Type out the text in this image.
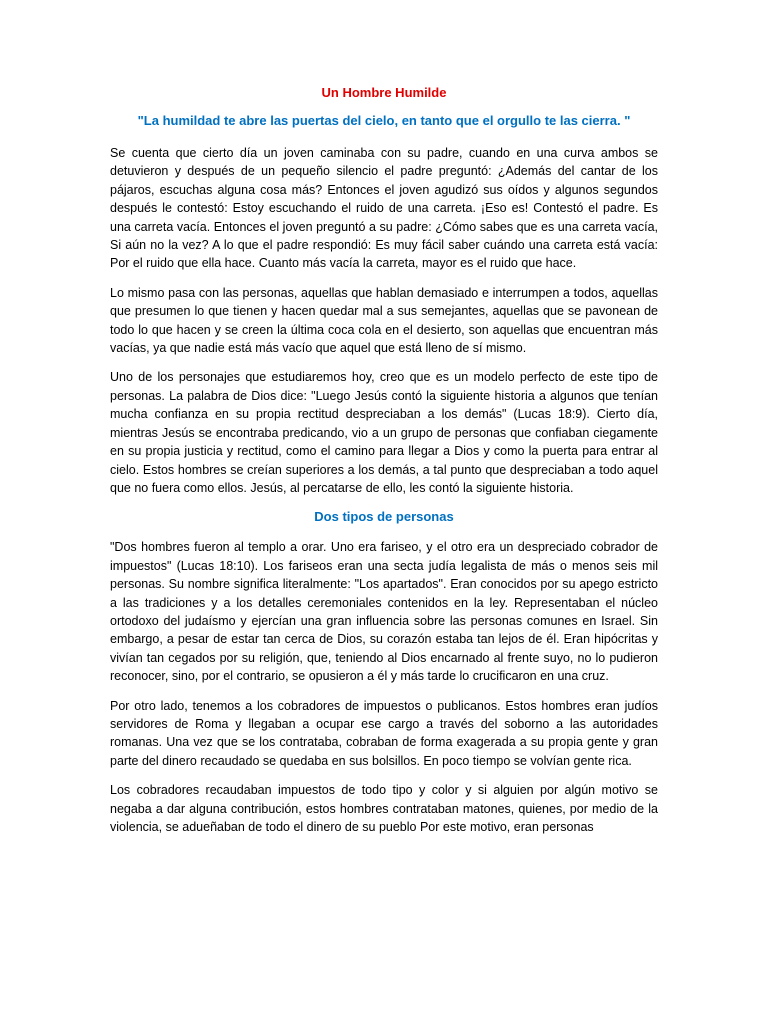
Un Hombre Humilde
"La humildad te abre las puertas del cielo, en tanto que el orgullo te las cierra. "

Se cuenta que cierto día un joven caminaba con su padre, cuando en una curva ambos se detuvieron y después de un pequeño silencio el padre preguntó: ¿Además del cantar de los pájaros, escuchas alguna cosa más? Entonces el joven agudizó sus oídos y algunos segundos después le contestó: Estoy escuchando el ruido de una carreta. ¡Eso es! Contestó el padre. Es una carreta vacía. Entonces el joven preguntó a su padre: ¿Cómo sabes que es una carreta vacía, Si aún no la vez? A lo que el padre respondió: Es muy fácil saber cuándo una carreta está vacía: Por el ruido que ella hace. Cuanto más vacía la carreta, mayor es el ruido que hace.

Lo mismo pasa con las personas, aquellas que hablan demasiado e interrumpen a todos, aquellas que presumen lo que tienen y hacen quedar mal a sus semejantes, aquellas que se pavonean de todo lo que hacen y se creen la última coca cola en el desierto, son aquellas que encuentran más vacías, ya que nadie está más vacío que aquel que está lleno de sí mismo.

Uno de los personajes que estudiaremos hoy, creo que es un modelo perfecto de este tipo de personas. La palabra de Dios dice: "Luego Jesús contó la siguiente historia a algunos que tenían mucha confianza en su propia rectitud despreciaban a los demás" (Lucas 18:9). Cierto día, mientras Jesús se encontraba predicando, vio a un grupo de personas que confiaban ciegamente en su propia justicia y rectitud, como el camino para llegar a Dios y como la puerta para entrar al cielo. Estos hombres se creían superiores a los demás, a tal punto que despreciaban a todo aquel que no fuera como ellos. Jesús, al percatarse de ello, les contó la siguiente historia.

Dos tipos de personas

"Dos hombres fueron al templo a orar. Uno era fariseo, y el otro era un despreciado cobrador de impuestos" (Lucas 18:10). Los fariseos eran una secta judía legalista de más o menos seis mil personas. Su nombre significa literalmente: "Los apartados". Eran conocidos por su apego estricto a las tradiciones y a los detalles ceremoniales contenidos en la ley. Representaban el núcleo ortodoxo del judaísmo y ejercían una gran influencia sobre las personas comunes en Israel. Sin embargo, a pesar de estar tan cerca de Dios, su corazón estaba tan lejos de él. Eran hipócritas y vivían tan cegados por su religión, que, teniendo al Dios encarnado al frente suyo, no lo pudieron reconocer, sino, por el contrario, se opusieron a él y más tarde lo crucificaron en una cruz.

Por otro lado, tenemos a los cobradores de impuestos o publicanos. Estos hombres eran judíos servidores de Roma y llegaban a ocupar ese cargo a través del soborno a las autoridades romanas. Una vez que se los contrataba, cobraban de forma exagerada a su propia gente y gran parte del dinero recaudado se quedaba en sus bolsillos. En poco tiempo se volvían gente rica.

Los cobradores recaudaban impuestos de todo tipo y color y si alguien por algún motivo se negaba a dar alguna contribución, estos hombres contrataban matones, quienes, por medio de la violencia, se adueñaban de todo el dinero de su pueblo Por este motivo, eran personas
